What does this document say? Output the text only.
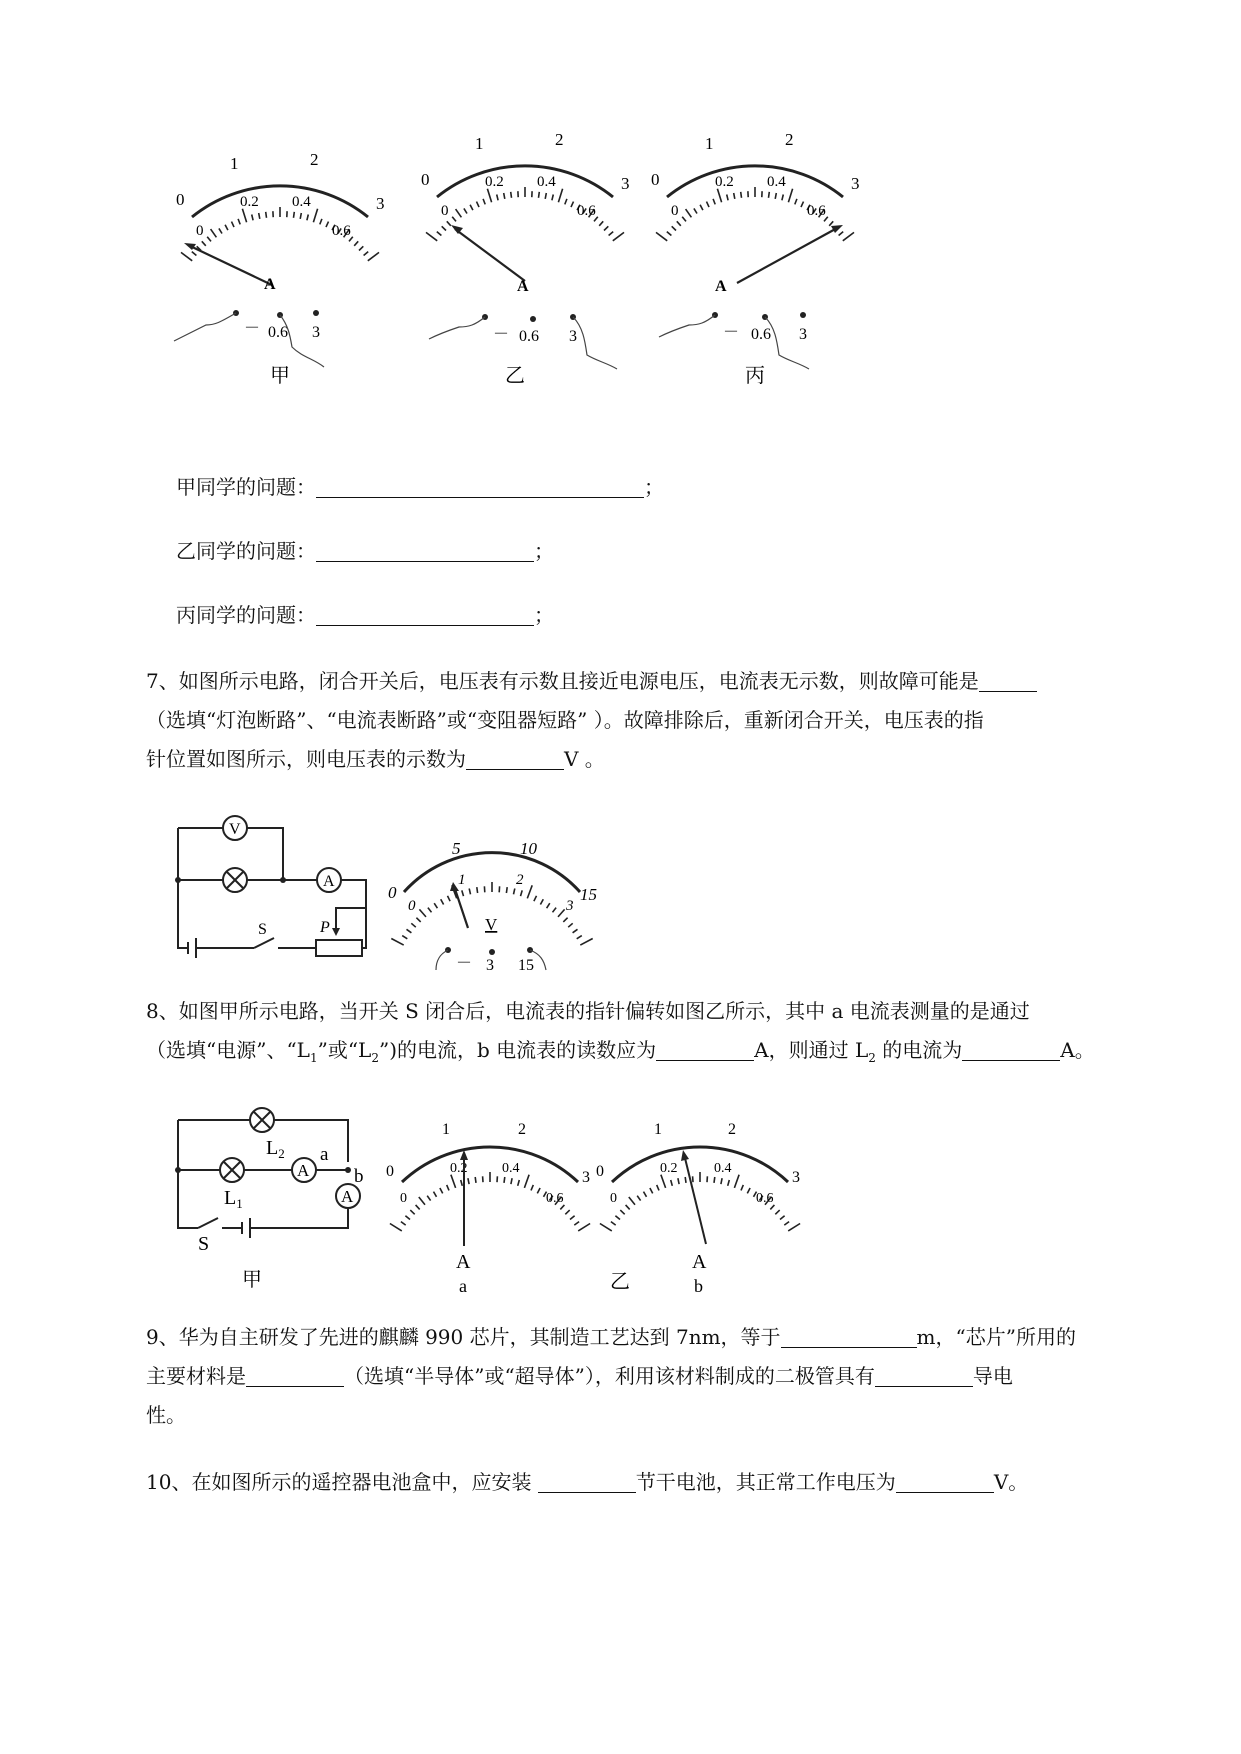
0
1	2
3
0
0.2 0.4
0.6
A
－ 0.6 3
甲
0
1	2
3
0
0.2 0.4
0.6
A
－ 0.6 3
乙
0
1	2
3
0
0.2 0.4
0.6
A
－ 0.6 3
丙
甲同学的问题：	；
乙同学的问题：	；
丙同学的问题：	；
7、如图所示电路，闭合开关后，电压表有示数且接近电源电压，电流表无示数，则故障可能是
（选填“灯泡断路”、“电流表断路”或“变阻器短路” ）。故障排除后，重新闭合开关，电压表的指
针位置如图所示，则电压表的示数为	V 。
V
A
S	P
0
5	10
15
0
1	2
3
V
－ 3 15
8、如图甲所示电路，当开关 S 闭合后，电流表的指针偏转如图乙所示，其中 a 电流表测量的是通过
（选填“电源”、“$L_1$”或“$L_2$”)的电流，b 电流表的读数应为	A，则通过 $L_2$ 的电流为	A。
$L_2$
$L_1$
A
a
A
b
S
甲
0
1	2
3
0
0.2 0.4
0.6
A
a
0
1	2
3
0
0.2	0.4
0.6
A
b
乙
9、华为自主研发了先进的麒麟 990 芯片，其制造工艺达到 7nm，等于	m，“芯片”所用的
主要材料是	（选填“半导体”或“超导体”），利用该材料制成的二极管具有	导电
性。
10、在如图所示的遥控器电池盒中，应安装	节干电池，其正常工作电压为	V。
